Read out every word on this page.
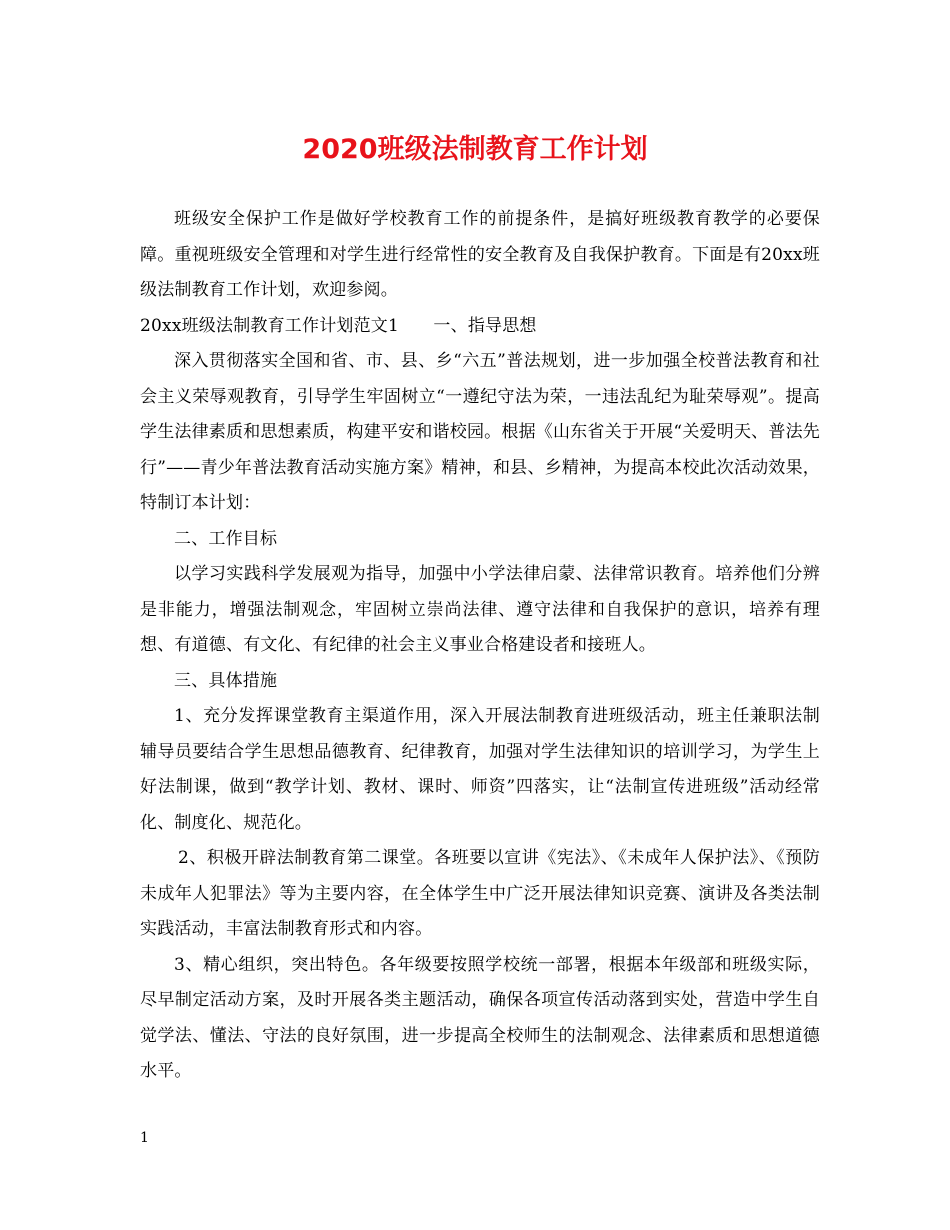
2020班级法制教育工作计划

班级安全保护工作是做好学校教育工作的前提条件，是搞好班级教育教学的必要保障。重视班级安全管理和对学生进行经常性的安全教育及自我保护教育。下面是有20xx班级法制教育工作计划，欢迎参阅。

20xx班级法制教育工作计划范文1　　一、指导思想

深入贯彻落实全国和省、市、县、乡“六五”普法规划，进一步加强全校普法教育和社会主义荣辱观教育，引导学生牢固树立“一遵纪守法为荣，一违法乱纪为耻荣辱观”。提高学生法律素质和思想素质，构建平安和谐校园。根据《山东省关于开展“关爱明天、普法先行”——青少年普法教育活动实施方案》精神，和县、乡精神，为提高本校此次活动效果，特制订本计划：

二、工作目标

以学习实践科学发展观为指导，加强中小学法律启蒙、法律常识教育。培养他们分辨是非能力，增强法制观念，牢固树立崇尚法律、遵守法律和自我保护的意识，培养有理想、有道德、有文化、有纪律的社会主义事业合格建设者和接班人。

三、具体措施

1、充分发挥课堂教育主渠道作用，深入开展法制教育进班级活动，班主任兼职法制辅导员要结合学生思想品德教育、纪律教育，加强对学生法律知识的培训学习，为学生上好法制课，做到“教学计划、教材、课时、师资”四落实，让“法制宣传进班级”活动经常化、制度化、规范化。

2、积极开辟法制教育第二课堂。各班要以宣讲《宪法》、《未成年人保护法》、《预防未成年人犯罪法》等为主要内容，在全体学生中广泛开展法律知识竞赛、演讲及各类法制实践活动，丰富法制教育形式和内容。

3、精心组织，突出特色。各年级要按照学校统一部署，根据本年级部和班级实际，尽早制定活动方案，及时开展各类主题活动，确保各项宣传活动落到实处，营造中学生自觉学法、懂法、守法的良好氛围，进一步提高全校师生的法制观念、法律素质和思想道德水平。

1
